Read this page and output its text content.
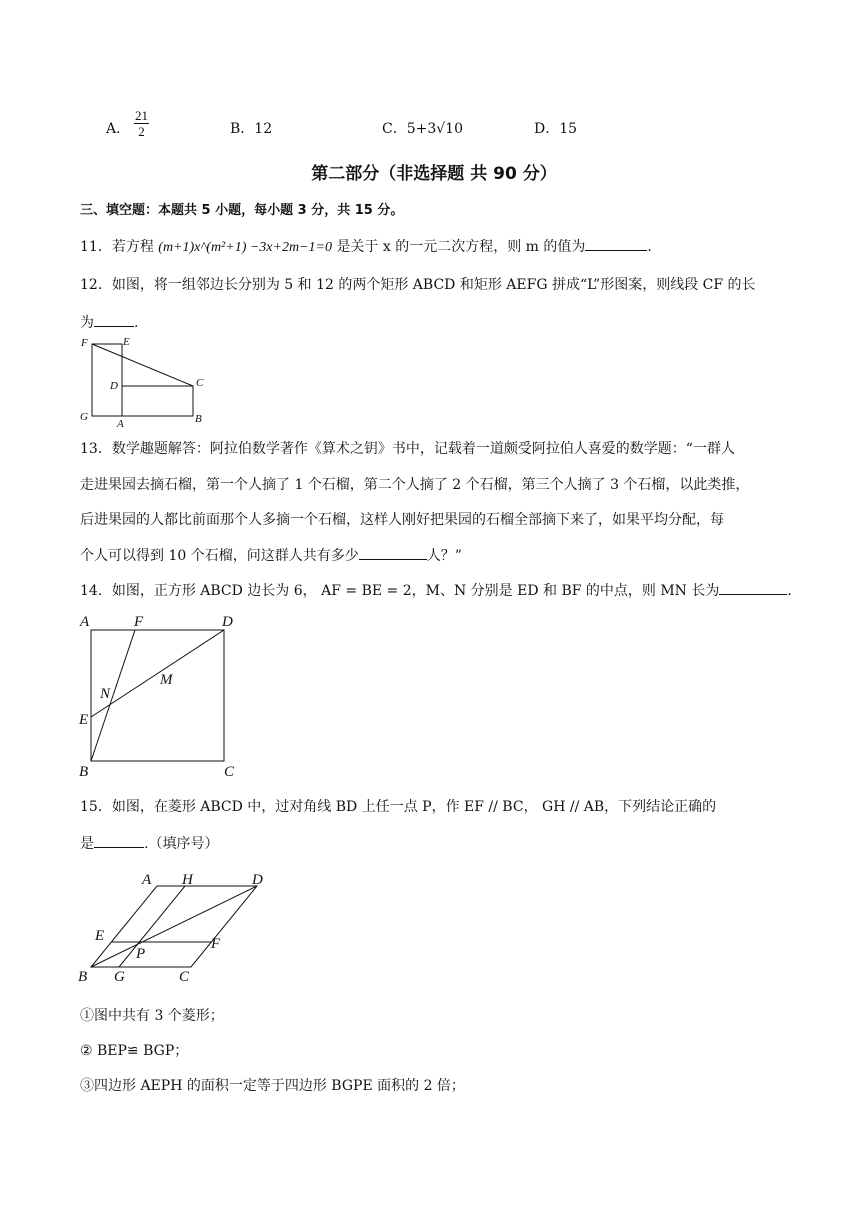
A． $\frac{21}{2}$	B．12	C．5+3√10	D．15
第二部分（非选择题 共 90 分）
三、填空题：本题共 5 小题，每小题 3 分，共 15 分。
11．若方程 (m+1)x^(m²+1) −3x+2m−1=0 是关于 x 的一元二次方程，则 m 的值为	.
12．如图，将一组邻边长分别为 5 和 12 的两个矩形 ABCD 和矩形 AEFG 拼成“L”形图案，则线段 CF 的长
为	.
F	E
D	C
G
A	B
13．数学趣题解答：阿拉伯数学著作《算术之钥》书中，记载着一道颇受阿拉伯人喜爱的数学题：“一群人
走进果园去摘石榴，第一个人摘了 1 个石榴，第二个人摘了 2 个石榴，第三个人摘了 3 个石榴，以此类推，
后进果园的人都比前面那个人多摘一个石榴，这样人刚好把果园的石榴全部摘下来了，如果平均分配，每
个人可以得到 10 个石榴，问这群人共有多少	人？”
14．如图，正方形 ABCD 边长为 6， AF = BE = 2，M、N 分别是 ED 和 BF 的中点，则 MN 长为	.
A	F	D
N
M
E
B	C
15．如图，在菱形 ABCD 中，过对角线 BD 上任一点 P，作 EF // BC， GH // AB，下列结论正确的
是	.（填序号）
A H	D
E
P
F
B G	C
①图中共有 3 个菱形；
② BEP≌ BGP；
③四边形 AEPH 的面积一定等于四边形 BGPE 面积的 2 倍；
